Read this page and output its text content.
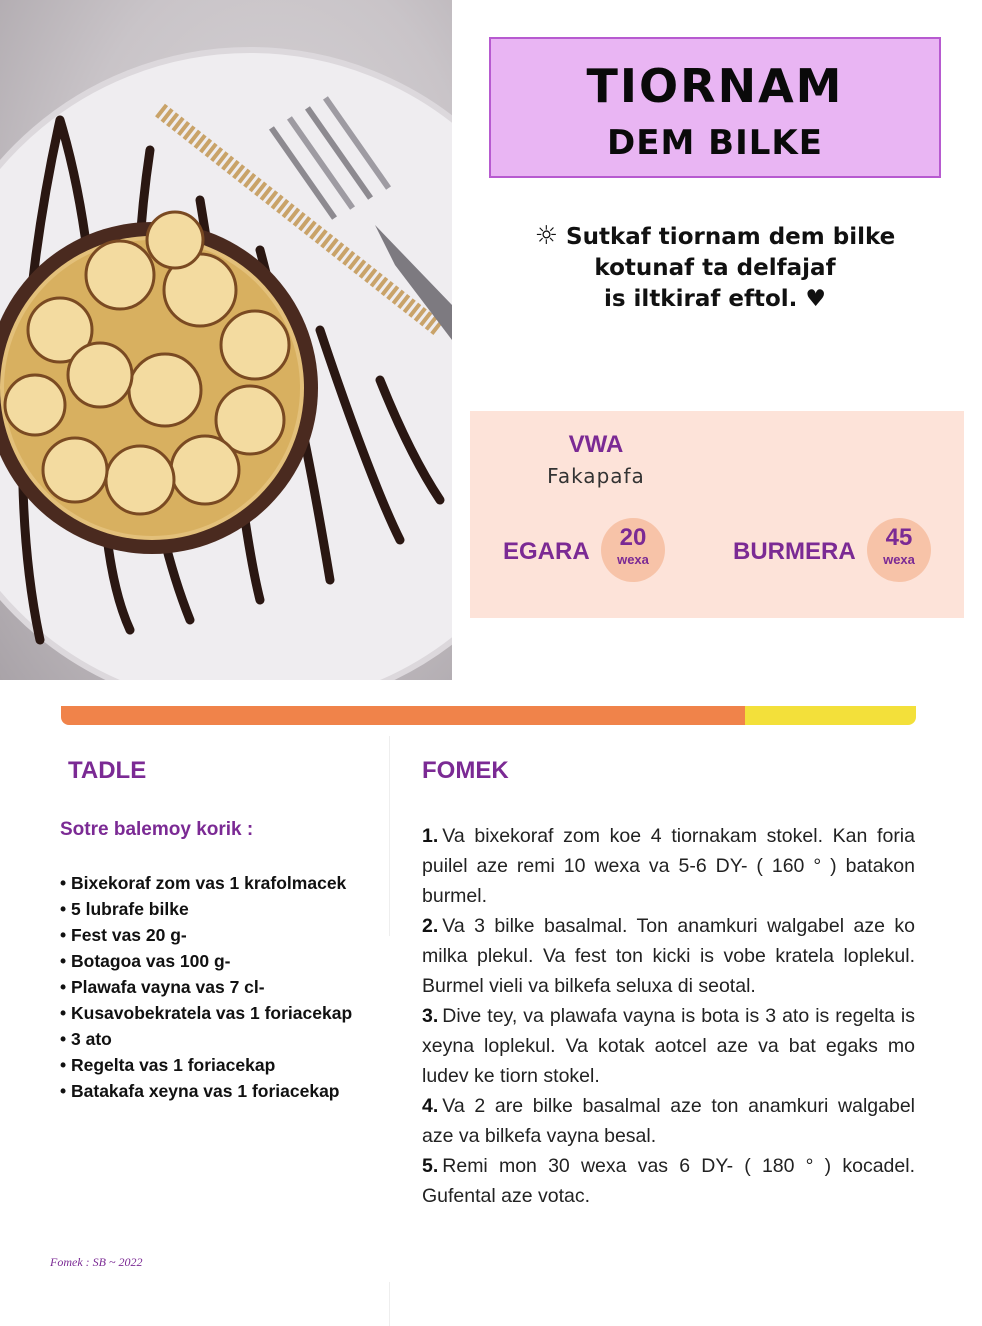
TIORNAM
DEM BILKE
☼ Sutkaf tiornam dem bilke
kotunaf ta delfajaf
is iltkiraf eftol. ♥
VWA
Fakapafa
EGARA
20
wexa	BURMERA
45
wexa
TADLE
Sotre balemoy korik :
• Bixekoraf zom vas 1 krafolmacek
• 5 lubrafe bilke
• Fest vas 20 g-
• Botagoa vas 100 g-
• Plawafa vayna vas 7 cl-
• Kusavobekratela vas 1 foriacekap
• 3 ato
• Regelta vas 1 foriacekap
• Batakafa xeyna vas 1 foriacekap
FOMEK

1. Va bixekoraf zom koe 4 tiornakam stokel. Kan foria puilel aze remi 10 wexa va 5-6 DY- ( 160 ° ) batakon burmel.

2. Va 3 bilke basalmal. Ton anamkuri walgabel aze ko milka plekul. Va fest ton kicki is vobe kratela loplekul. Burmel vieli va bilkefa seluxa di seotal.

3. Dive tey, va plawafa vayna is bota is 3 ato is regelta is xeyna loplekul. Va kotak aotcel aze va bat egaks mo ludev ke tiorn stokel.

4. Va 2 are bilke basalmal aze ton anamkuri walgabel aze va bilkefa vayna besal.

5. Remi mon 30 wexa vas 6 DY- ( 180 ° ) kocadel. Gufental aze votac.

Fomek : SB ~ 2022
